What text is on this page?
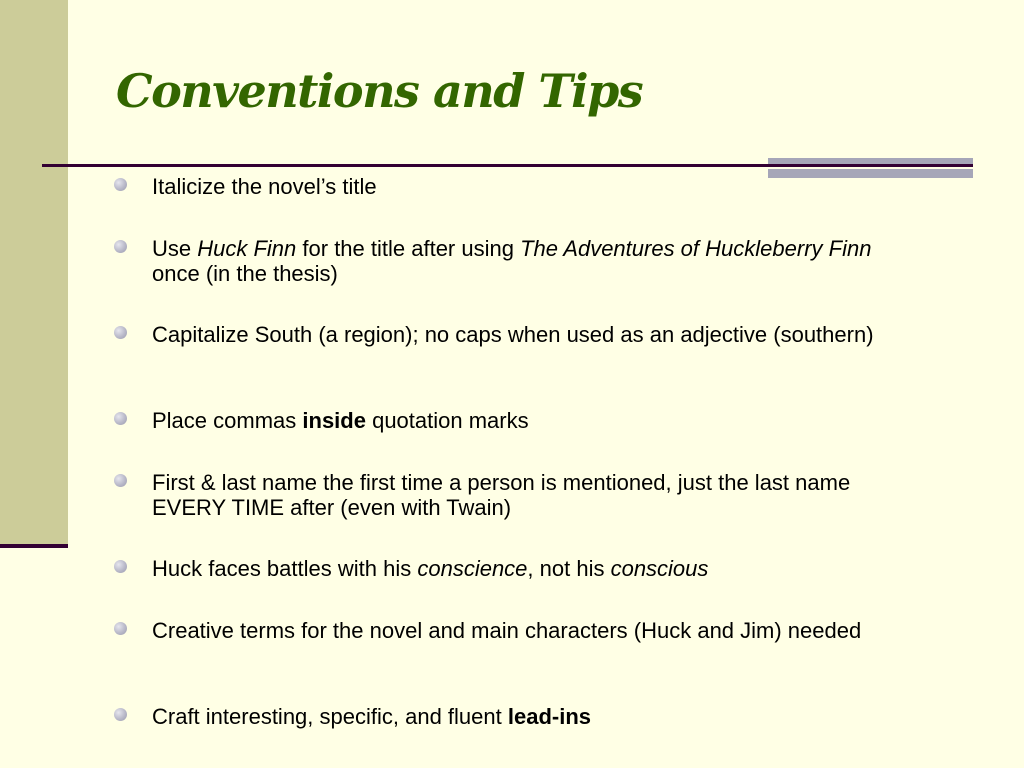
Conventions and Tips

Italicize the novel’s title

Use Huck Finn for the title after using The Adventures of Huckleberry Finn once (in the thesis)

Capitalize South (a region); no caps when used as an adjective (southern)

Place commas inside quotation marks

First & last name the first time a person is mentioned, just the last name EVERY TIME after (even with Twain)

Huck faces battles with his conscience, not his conscious

Creative terms for the novel and main characters (Huck and Jim) needed

Craft interesting, specific, and fluent lead-ins
